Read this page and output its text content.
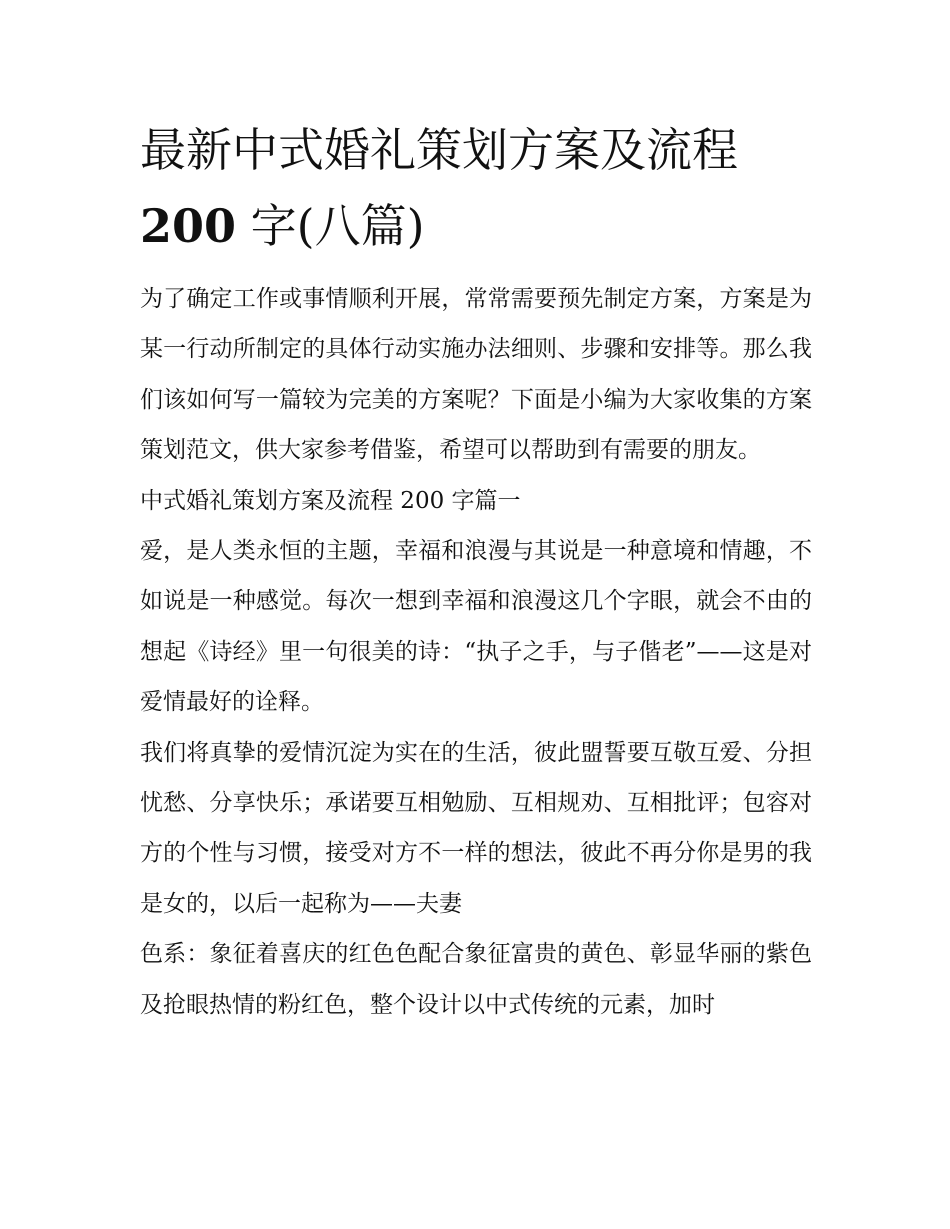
最新中式婚礼策划方案及流程
200 字(八篇)

为了确定工作或事情顺利开展，常常需要预先制定方案，方案是为某一行动所制定的具体行动实施办法细则、步骤和安排等。那么我们该如何写一篇较为完美的方案呢？下面是小编为大家收集的方案策划范文，供大家参考借鉴，希望可以帮助到有需要的朋友。

中式婚礼策划方案及流程 200 字篇一

爱，是人类永恒的主题，幸福和浪漫与其说是一种意境和情趣，不如说是一种感觉。每次一想到幸福和浪漫这几个字眼，就会不由的想起《诗经》里一句很美的诗：“执子之手，与子偕老”——这是对爱情最好的诠释。

我们将真挚的爱情沉淀为实在的生活，彼此盟誓要互敬互爱、分担忧愁、分享快乐；承诺要互相勉励、互相规劝、互相批评；包容对方的个性与习惯，接受对方不一样的想法，彼此不再分你是男的我是女的，以后一起称为——夫妻

色系：象征着喜庆的红色色配合象征富贵的黄色、彰显华丽的紫色及抢眼热情的粉红色，整个设计以中式传统的元素，加时
